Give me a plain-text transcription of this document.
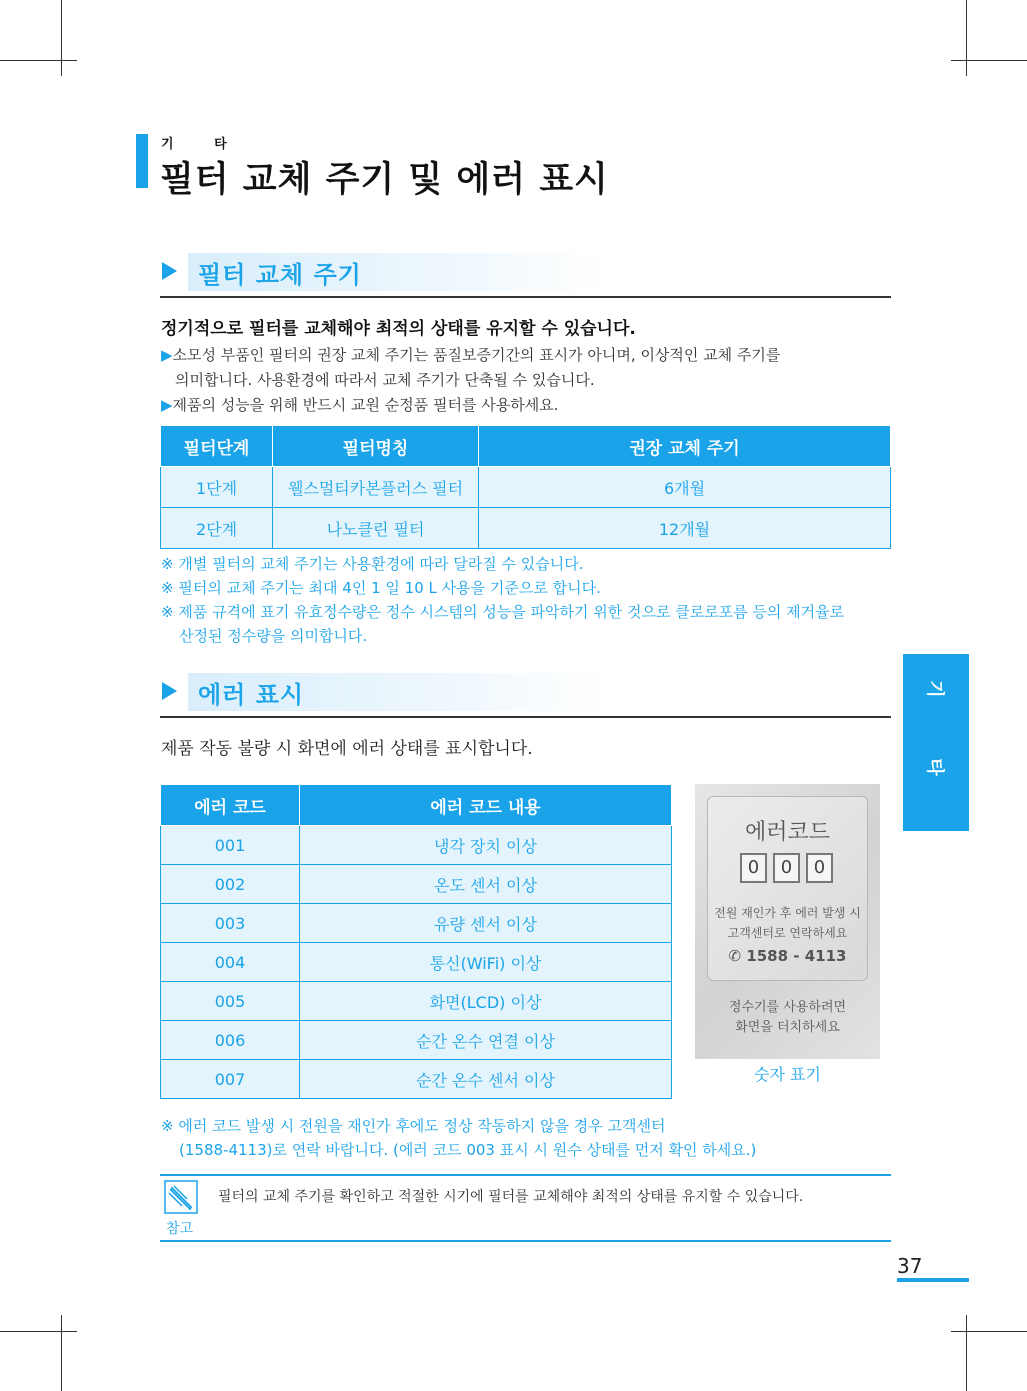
기 타
필터 교체 주기 및 에러 표시
필터 교체 주기
정기적으로 필터를 교체해야 최적의 상태를 유지할 수 있습니다.
▶소모성 부품인 필터의 권장 교체 주기는 품질보증기간의 표시가 아니며, 이상적인 교체 주기를
의미합니다. 사용환경에 따라서 교체 주기가 단축될 수 있습니다.
▶제품의 성능을 위해 반드시 교원 순정품 필터를 사용하세요.
필터단계	필터명칭	권장 교체 주기
1단계	웰스멀티카본플러스 필터	6개월
2단계	나노클린 필터	12개월
※ 개별 필터의 교체 주기는 사용환경에 따라 달라질 수 있습니다.
※ 필터의 교체 주기는 최대 4인 1 일 10 L 사용을 기준으로 합니다.
※ 제품 규격에 표기 유효정수량은 정수 시스템의 성능을 파악하기 위한 것으로 클로로포름 등의 제거율로
산정된 정수량을 의미합니다.
에러 표시
제품 작동 불량 시 화면에 에러 상태를 표시합니다.
에러 코드	에러 코드 내용
001	냉각 장치 이상
002	온도 센서 이상
003	유량 센서 이상
004	통신(WiFi) 이상
005	화면(LCD) 이상
006	순간 온수 연결 이상
007	순간 온수 센서 이상
에러코드
0	0	0
전원 재인가 후 에러 발생 시
고객센터로 연락하세요
✆ 1588 - 4113
정수기를 사용하려면
화면을 터치하세요
숫자 표기
※ 에러 코드 발생 시 전원을 재인가 후에도 정상 작동하지 않을 경우 고객센터
(1588-4113)로 연락 바랍니다. (에러 코드 003 표시 시 원수 상태를 먼저 확인 하세요.)
참고
필터의 교체 주기를 확인하고 적절한 시기에 필터를 교체해야 최적의 상태를 유지할 수 있습니다.
기
타
37
